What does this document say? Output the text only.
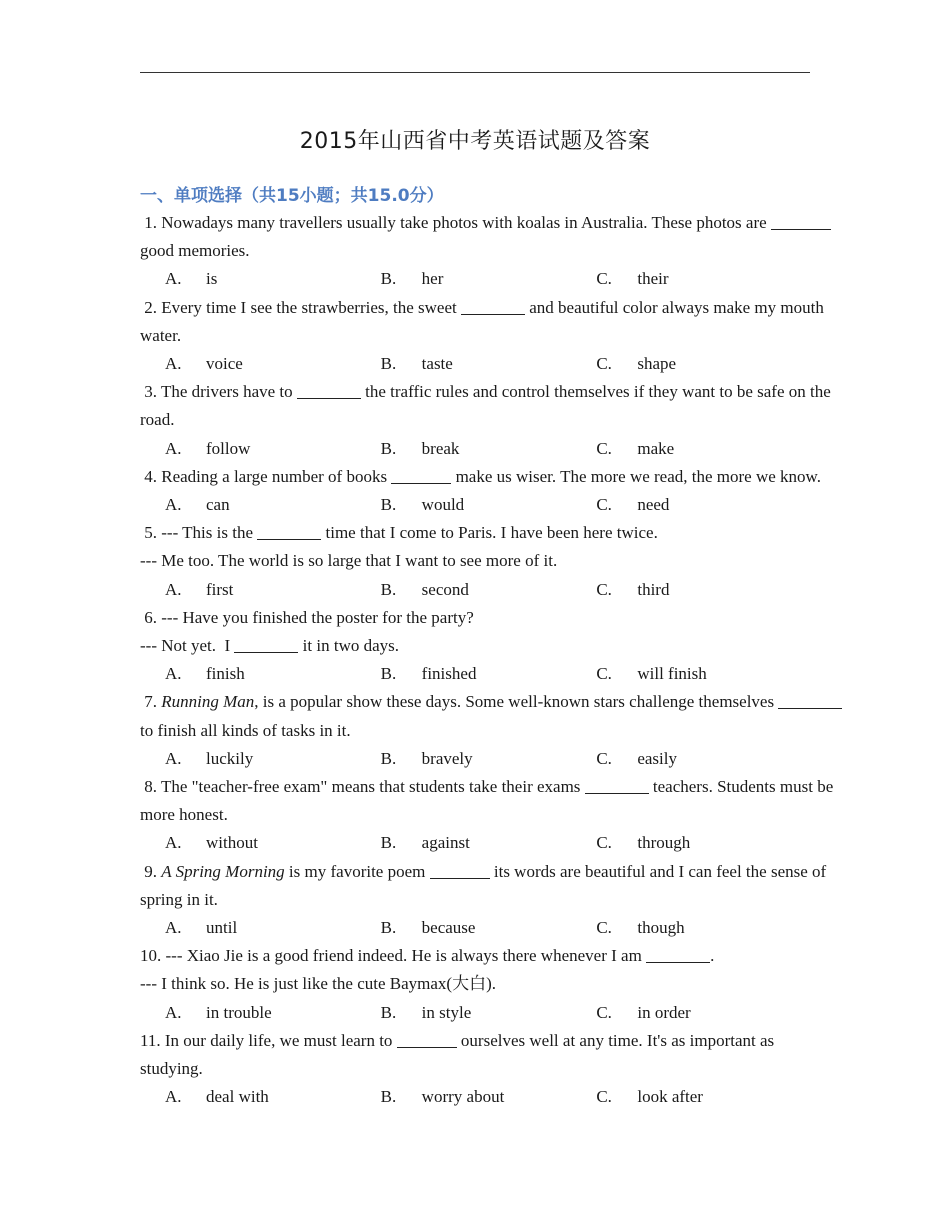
2015年山西省中考英语试题及答案
一、单项选择（共15小题；共15.0分）
1. Nowadays many travellers usually take photos with koalas in Australia. These photos are
good memories.
A.	is	B.	her	C.	their
2. Every time I see the strawberries, the sweet	and beautiful color always make my mouth
water.
A.	voice	B.	taste	C.	shape
3. The drivers have to	the traffic rules and control themselves if they want to be safe on the
road.
A.	follow	B.	break	C.	make
4. Reading a large number of books	make us wiser. The more we read, the more we know.
A.	can	B.	would	C.	need
5. --- This is the	time that I come to Paris. I have been here twice.
--- Me too. The world is so large that I want to see more of it.
A.	first	B.	second	C.	third
6. --- Have you finished the poster for the party?
--- Not yet.  I	it in two days.
A.	finish	B.	finished	C.	will finish
7. Running Man, is a popular show these days. Some well-known stars challenge themselves
to finish all kinds of tasks in it.
A.	luckily	B.	bravely	C.	easily
8. The "teacher-free exam" means that students take their exams	teachers. Students must be
more honest.
A.	without	B.	against	C.	through
9. A Spring Morning is my favorite poem	its words are beautiful and I can feel the sense of
spring in it.
A.	until	B.	because	C.	though
10. --- Xiao Jie is a good friend indeed. He is always there whenever I am	.
--- I think so. He is just like the cute Baymax(大白).
A.	in trouble	B.	in style	C.	in order
11. In our daily life, we must learn to	ourselves well at any time. It's as important as
studying.
A.	deal with	B.	worry about	C.	look after
